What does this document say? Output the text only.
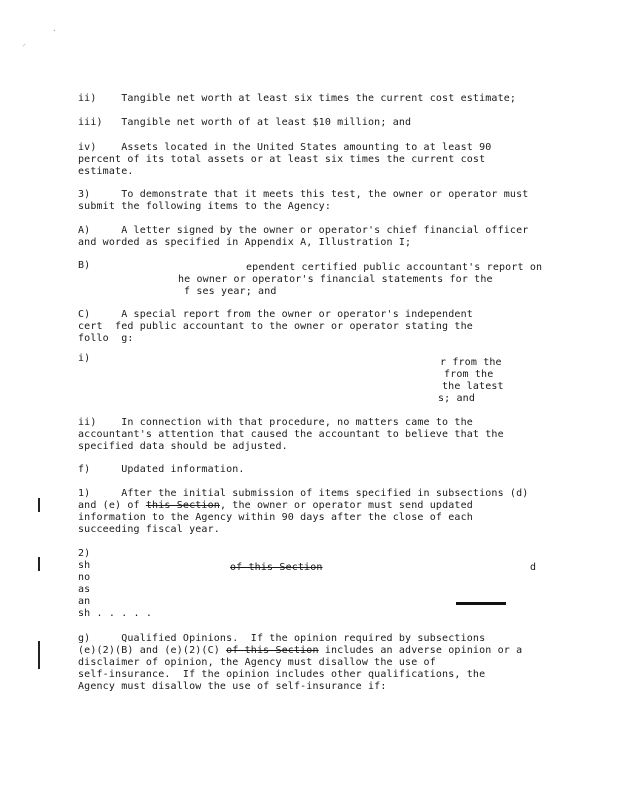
⸝
·
ii)    Tangible net worth at least six times the current cost estimate;
iii)   Tangible net worth of at least $10 million; and
iv)    Assets located in the United States amounting to at least 90
percent of its total assets or at least six times the current cost
estimate.
3)     To demonstrate that it meets this test, the owner or operator must
submit the following items to the Agency:
A)     A letter signed by the owner or operator's chief financial officer
and worded as specified in Appendix A, Illustration I;
B)	ependent certified public accountant's report on
he owner or operator's financial statements for the
f ses year; and
C)     A special report from the owner or operator's independent
cert  fed public accountant to the owner or operator stating the
follo  g:
i)	r from the
from the
the latest
s; and
ii)    In connection with that procedure, no matters came to the
accountant's attention that caused the accountant to believe that the
specified data should be adjusted.
f)     Updated information.
1)     After the initial submission of items specified in subsections (d)
and (e) of this Section, the owner or operator must send updated
information to the Agency within 90 days after the close of each
succeeding fiscal year.
2)
sh	of this Section	d
no
as
an
sh . . . . .
g)     Qualified Opinions.  If the opinion required by subsections
(e)(2)(B) and (e)(2)(C) of this Section includes an adverse opinion or a
disclaimer of opinion, the Agency must disallow the use of
self-insurance.  If the opinion includes other qualifications, the
Agency must disallow the use of self-insurance if:
